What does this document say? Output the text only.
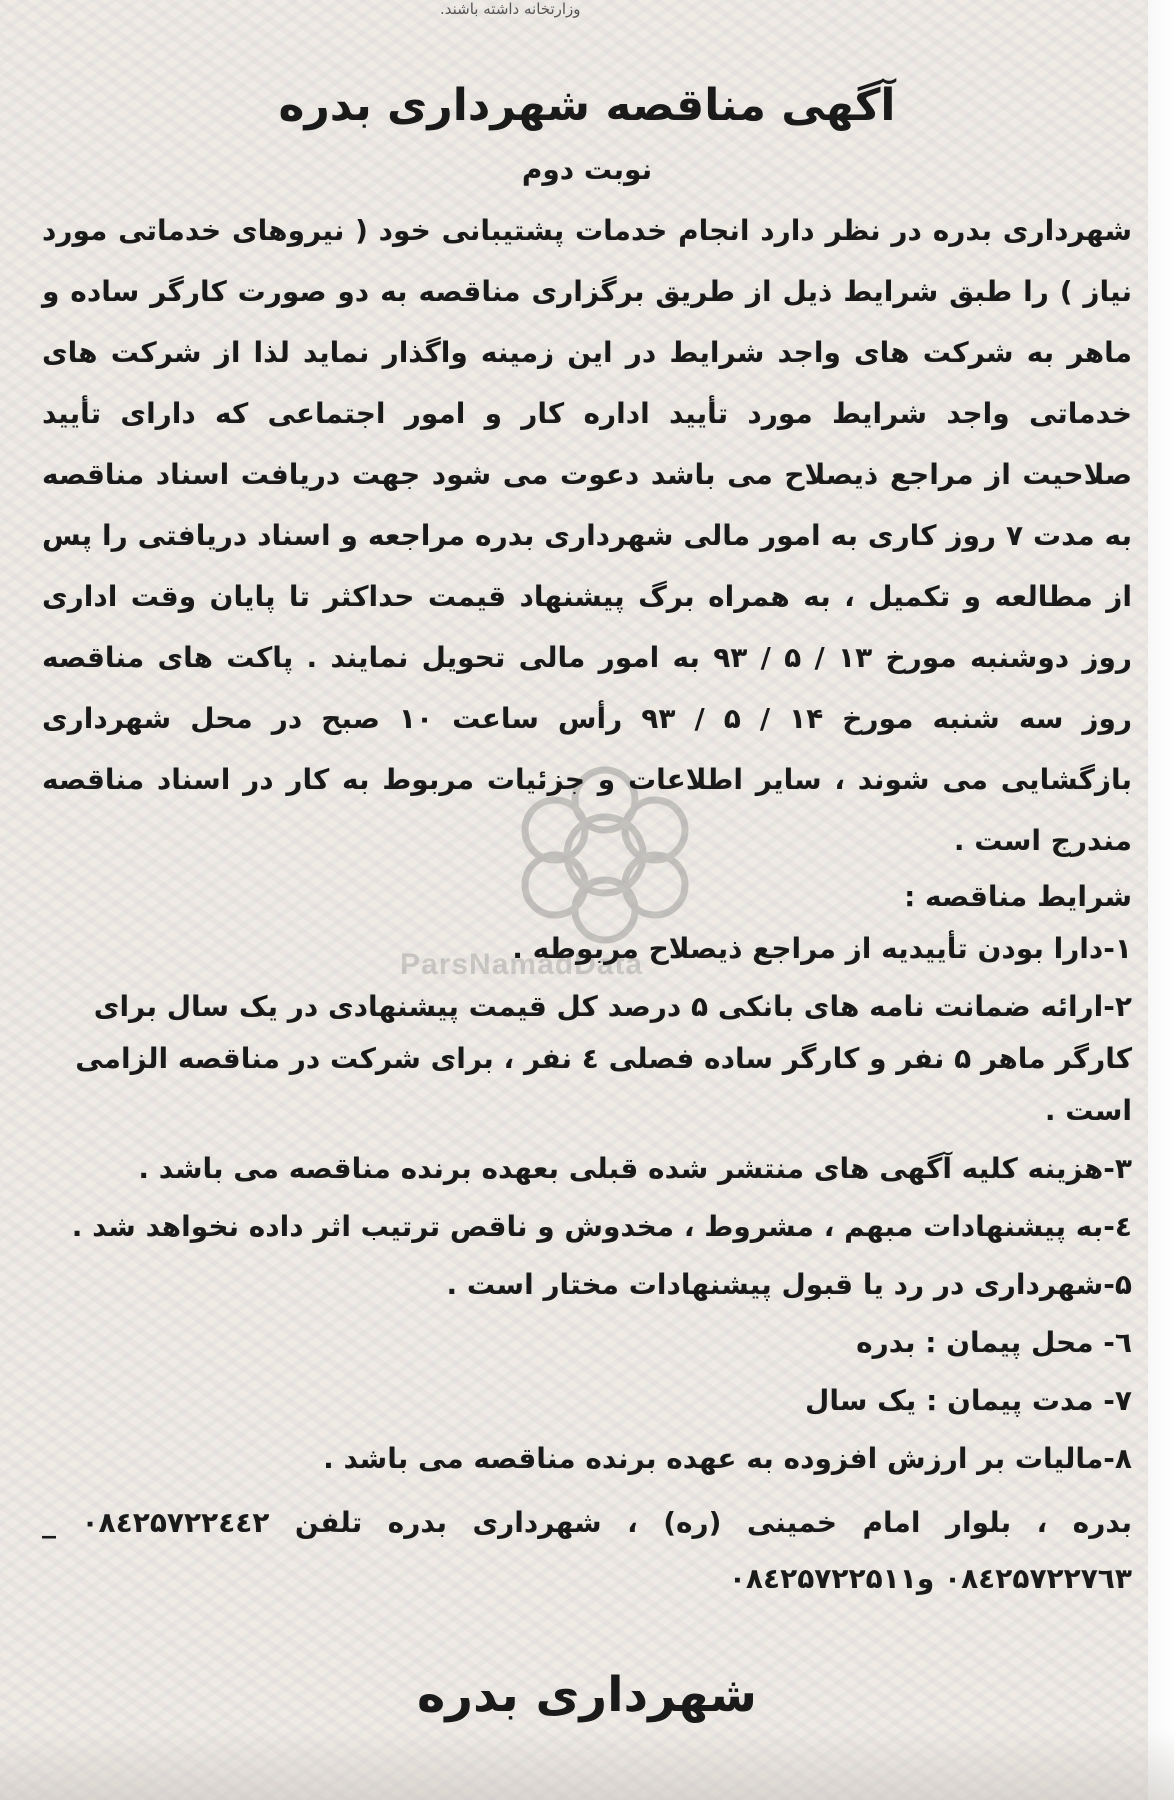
وزارتخانه داشته باشند.
ParsNamadData
آگهی مناقصه شهرداری بدره
نوبت دوم

شهرداری بدره در نظر دارد انجام خدمات پشتیبانی خود ( نیروهای خدماتی مورد نیاز ) را طبق شرایط ذیل از طریق برگزاری مناقصه به دو صورت کارگر ساده و ماهر به شرکت های واجد شرایط در این زمینه واگذار نماید لذا از شرکت های خدماتی واجد شرایط مورد تأیید اداره کار و امور اجتماعی که دارای تأیید صلاحیت از مراجع ذیصلاح می باشد دعوت می شود جهت دریافت اسناد مناقصه به مدت ۷ روز کاری به امور مالی شهرداری بدره مراجعه و اسناد دریافتی را پس از مطالعه و تکمیل ، به همراه برگ پیشنهاد قیمت حداکثر تا پایان وقت اداری روز دوشنبه مورخ ۱۳ / ۵ / ۹۳ به امور مالی تحویل نمایند . پاکت های مناقصه روز سه شنبه مورخ ۱۴ / ۵ / ۹۳ رأس ساعت ۱۰ صبح در محل شهرداری بازگشایی می شوند ، سایر اطلاعات و جزئیات مربوط به کار در اسناد مناقصه مندرج است .

شرایط مناقصه :
۱-دارا بودن تأییدیه از مراجع ذیصلاح مربوطه .
۲-ارائه ضمانت نامه های بانکی ۵ درصد کل قیمت پیشنهادی در یک سال برای کارگر ماهر ۵ نفر و کارگر ساده فصلی ٤ نفر ، برای شرکت در مناقصه الزامی است .
۳-هزینه کلیه آگهی های منتشر شده قبلی بعهده برنده مناقصه می باشد .
٤-به پیشنهادات مبهم ، مشروط ، مخدوش و ناقص ترتیب اثر داده نخواهد شد .
۵-شهرداری در رد یا قبول پیشنهادات مختار است .
٦- محل پیمان : بدره
۷- مدت پیمان : یک سال
۸-مالیات بر ارزش افزوده به عهده برنده مناقصه می باشد .

بدره ، بلوار امام خمینی (ره) ، شهرداری بدره تلفن ۰۸٤۲۵۷۲۲٤٤۲ _ ۰۸٤۲۵۷۲۲۷٦۳ و۰۸٤۲۵۷۲۲۵۱۱

شهرداری بدره
